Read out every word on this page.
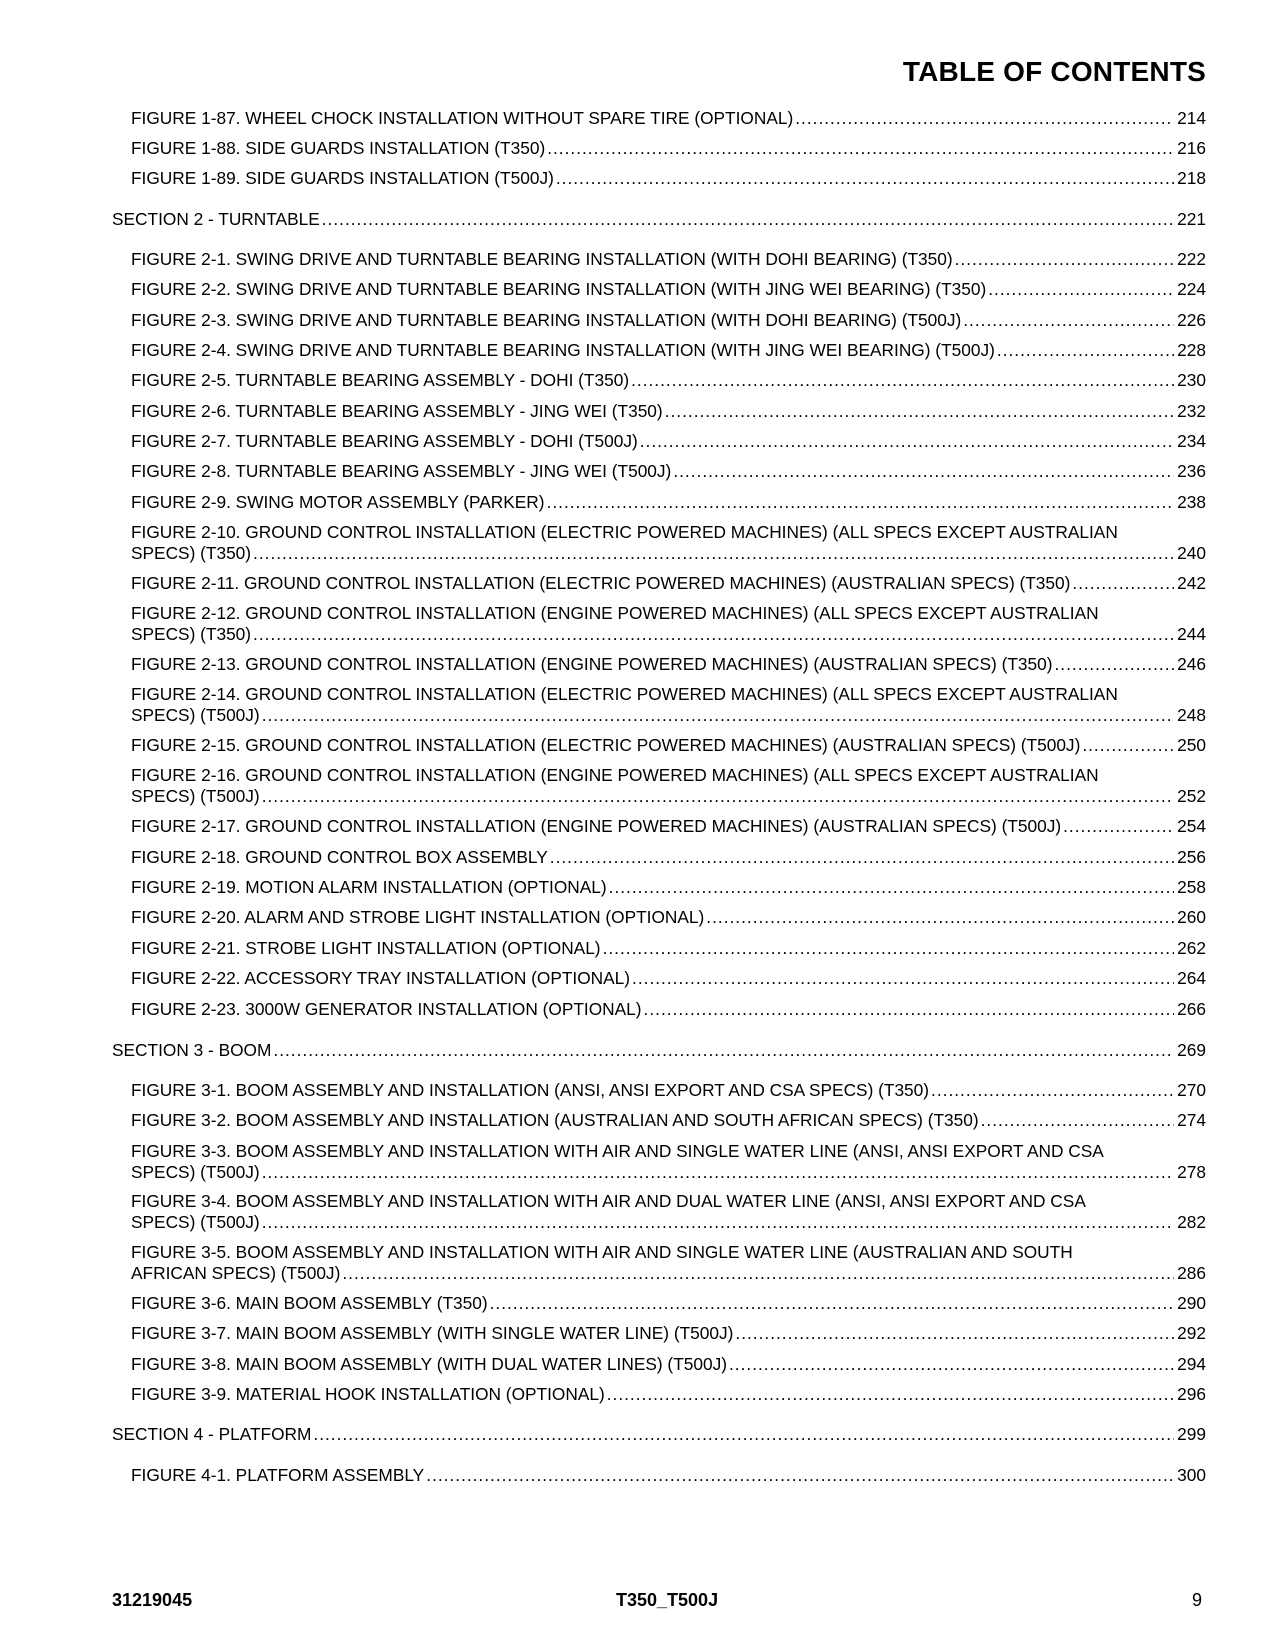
TABLE OF CONTENTS
FIGURE 1-87. WHEEL CHOCK INSTALLATION WITHOUT SPARE TIRE (OPTIONAL) .....	214
FIGURE 1-88. SIDE GUARDS INSTALLATION (T350) .....	216
FIGURE 1-89. SIDE GUARDS INSTALLATION (T500J) .....	218
SECTION 2 - TURNTABLE .....	221
FIGURE 2-1. SWING DRIVE AND TURNTABLE BEARING INSTALLATION (WITH DOHI BEARING) (T350) .....	222
FIGURE 2-2. SWING DRIVE AND TURNTABLE BEARING INSTALLATION (WITH JING WEI BEARING) (T350) .....	224
FIGURE 2-3. SWING DRIVE AND TURNTABLE BEARING INSTALLATION (WITH DOHI BEARING) (T500J) .....	226
FIGURE 2-4. SWING DRIVE AND TURNTABLE BEARING INSTALLATION (WITH JING WEI BEARING) (T500J) .....	228
FIGURE 2-5. TURNTABLE BEARING ASSEMBLY - DOHI (T350) .....	230
FIGURE 2-6. TURNTABLE BEARING ASSEMBLY - JING WEI (T350) .....	232
FIGURE 2-7. TURNTABLE BEARING ASSEMBLY - DOHI (T500J) .....	234
FIGURE 2-8. TURNTABLE BEARING ASSEMBLY - JING WEI (T500J) .....	236
FIGURE 2-9. SWING MOTOR ASSEMBLY (PARKER) .....	238
FIGURE 2-10. GROUND CONTROL INSTALLATION (ELECTRIC POWERED MACHINES) (ALL SPECS EXCEPT AUSTRALIAN
SPECS) (T350) .....	240
FIGURE 2-11. GROUND CONTROL INSTALLATION (ELECTRIC POWERED MACHINES) (AUSTRALIAN SPECS) (T350) .....	242
FIGURE 2-12. GROUND CONTROL INSTALLATION (ENGINE POWERED MACHINES) (ALL SPECS EXCEPT AUSTRALIAN
SPECS) (T350) .....	244
FIGURE 2-13. GROUND CONTROL INSTALLATION (ENGINE POWERED MACHINES) (AUSTRALIAN SPECS) (T350) .....	246
FIGURE 2-14. GROUND CONTROL INSTALLATION (ELECTRIC POWERED MACHINES) (ALL SPECS EXCEPT AUSTRALIAN
SPECS) (T500J) .....	248
FIGURE 2-15. GROUND CONTROL INSTALLATION (ELECTRIC POWERED MACHINES) (AUSTRALIAN SPECS) (T500J) .....	250
FIGURE 2-16. GROUND CONTROL INSTALLATION (ENGINE POWERED MACHINES) (ALL SPECS EXCEPT AUSTRALIAN
SPECS) (T500J) .....	252
FIGURE 2-17. GROUND CONTROL INSTALLATION (ENGINE POWERED MACHINES) (AUSTRALIAN SPECS) (T500J) .....	254
FIGURE 2-18. GROUND CONTROL BOX ASSEMBLY .....	256
FIGURE 2-19. MOTION ALARM INSTALLATION (OPTIONAL) .....	258
FIGURE 2-20. ALARM AND STROBE LIGHT INSTALLATION (OPTIONAL) .....	260
FIGURE 2-21. STROBE LIGHT INSTALLATION (OPTIONAL) .....	262
FIGURE 2-22. ACCESSORY TRAY INSTALLATION (OPTIONAL) .....	264
FIGURE 2-23. 3000W GENERATOR INSTALLATION (OPTIONAL) .....	266
SECTION 3 - BOOM .....	269
FIGURE 3-1. BOOM ASSEMBLY AND INSTALLATION (ANSI, ANSI EXPORT AND CSA SPECS) (T350) .....	270
FIGURE 3-2. BOOM ASSEMBLY AND INSTALLATION (AUSTRALIAN AND SOUTH AFRICAN SPECS) (T350) .....	274
FIGURE 3-3. BOOM ASSEMBLY AND INSTALLATION WITH AIR AND SINGLE WATER LINE (ANSI, ANSI EXPORT AND CSA
SPECS) (T500J) .....	278
FIGURE 3-4. BOOM ASSEMBLY AND INSTALLATION WITH AIR AND DUAL WATER LINE (ANSI, ANSI EXPORT AND CSA
SPECS) (T500J) .....	282
FIGURE 3-5. BOOM ASSEMBLY AND INSTALLATION WITH AIR AND SINGLE WATER LINE (AUSTRALIAN AND SOUTH
AFRICAN SPECS) (T500J) .....	286
FIGURE 3-6. MAIN BOOM ASSEMBLY (T350) .....	290
FIGURE 3-7. MAIN BOOM ASSEMBLY (WITH SINGLE WATER LINE) (T500J) .....	292
FIGURE 3-8. MAIN BOOM ASSEMBLY (WITH DUAL WATER LINES) (T500J) .....	294
FIGURE 3-9. MATERIAL HOOK INSTALLATION (OPTIONAL) .....	296
SECTION 4 - PLATFORM .....	299
FIGURE 4-1. PLATFORM ASSEMBLY .....	300
31219045	T350_T500J	9
